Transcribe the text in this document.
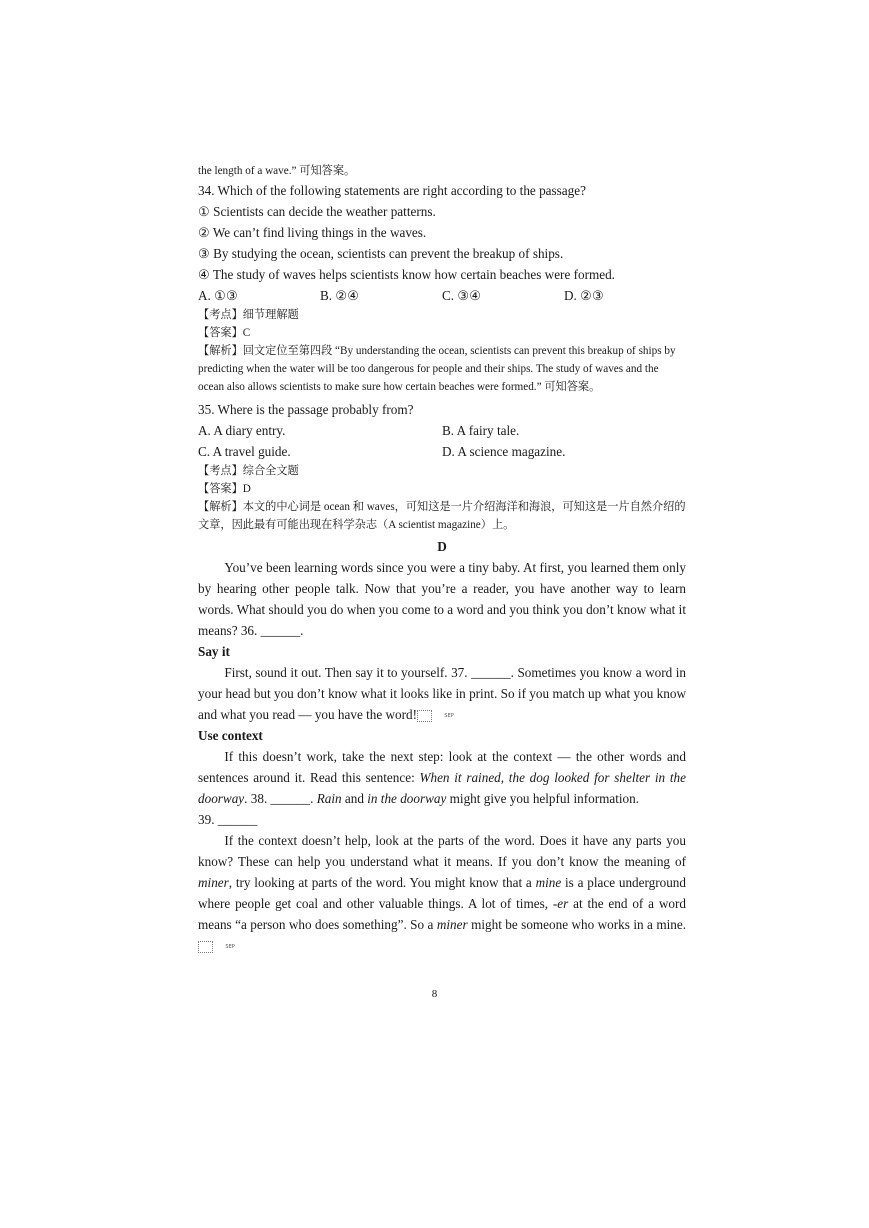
the length of a wave.” 可知答案。
34. Which of the following statements are right according to the passage?
① Scientists can decide the weather patterns.
② We can’t find living things in the waves.
③ By studying the ocean, scientists can prevent the breakup of ships.
④ The study of waves helps scientists know how certain beaches were formed.
A. ①③	B. ②④	C. ③④	D. ②③
【考点】细节理解题
【答案】C
【解析】回文定位至第四段 “By understanding the ocean, scientists can prevent this breakup of ships by predicting when the water will be too dangerous for people and their ships. The study of waves and the ocean also allows scientists to make sure how certain beaches were formed.” 可知答案。
35. Where is the passage probably from?
A. A diary entry.	B. A fairy tale.
C. A travel guide.	D. A science magazine.
【考点】综合全文题
【答案】D
【解析】本文的中心词是 ocean 和 waves，可知这是一片介绍海洋和海浪，可知这是一片自然介绍的文章，因此最有可能出现在科学杂志（A scientist magazine）上。
D
You’ve been learning words since you were a tiny baby. At first, you learned them only by hearing other people talk. Now that you’re a reader, you have another way to learn words. What should you do when you come to a word and you think you don’t know what it means? 36. ______.
Say it
First, sound it out. Then say it to yourself. 37. ______. Sometimes you know a word in your head but you don’t know what it looks like in print. So if you match up what you know and what you read — you have the word!	SEP
Use context
If this doesn’t work, take the next step: look at the context — the other words and sentences around it. Read this sentence: When it rained, the dog looked for shelter in the doorway. 38. ______. Rain and in the doorway might give you helpful information.
39. ______
If the context doesn’t help, look at the parts of the word. Does it have any parts you know? These can help you understand what it means. If you don’t know the meaning of miner, try looking at parts of the word. You might know that a mine is a place underground where people get coal and other valuable things. A lot of times, -er at the end of a word means “a person who does something”. So a miner might be someone who works in a mine.SEP
8
